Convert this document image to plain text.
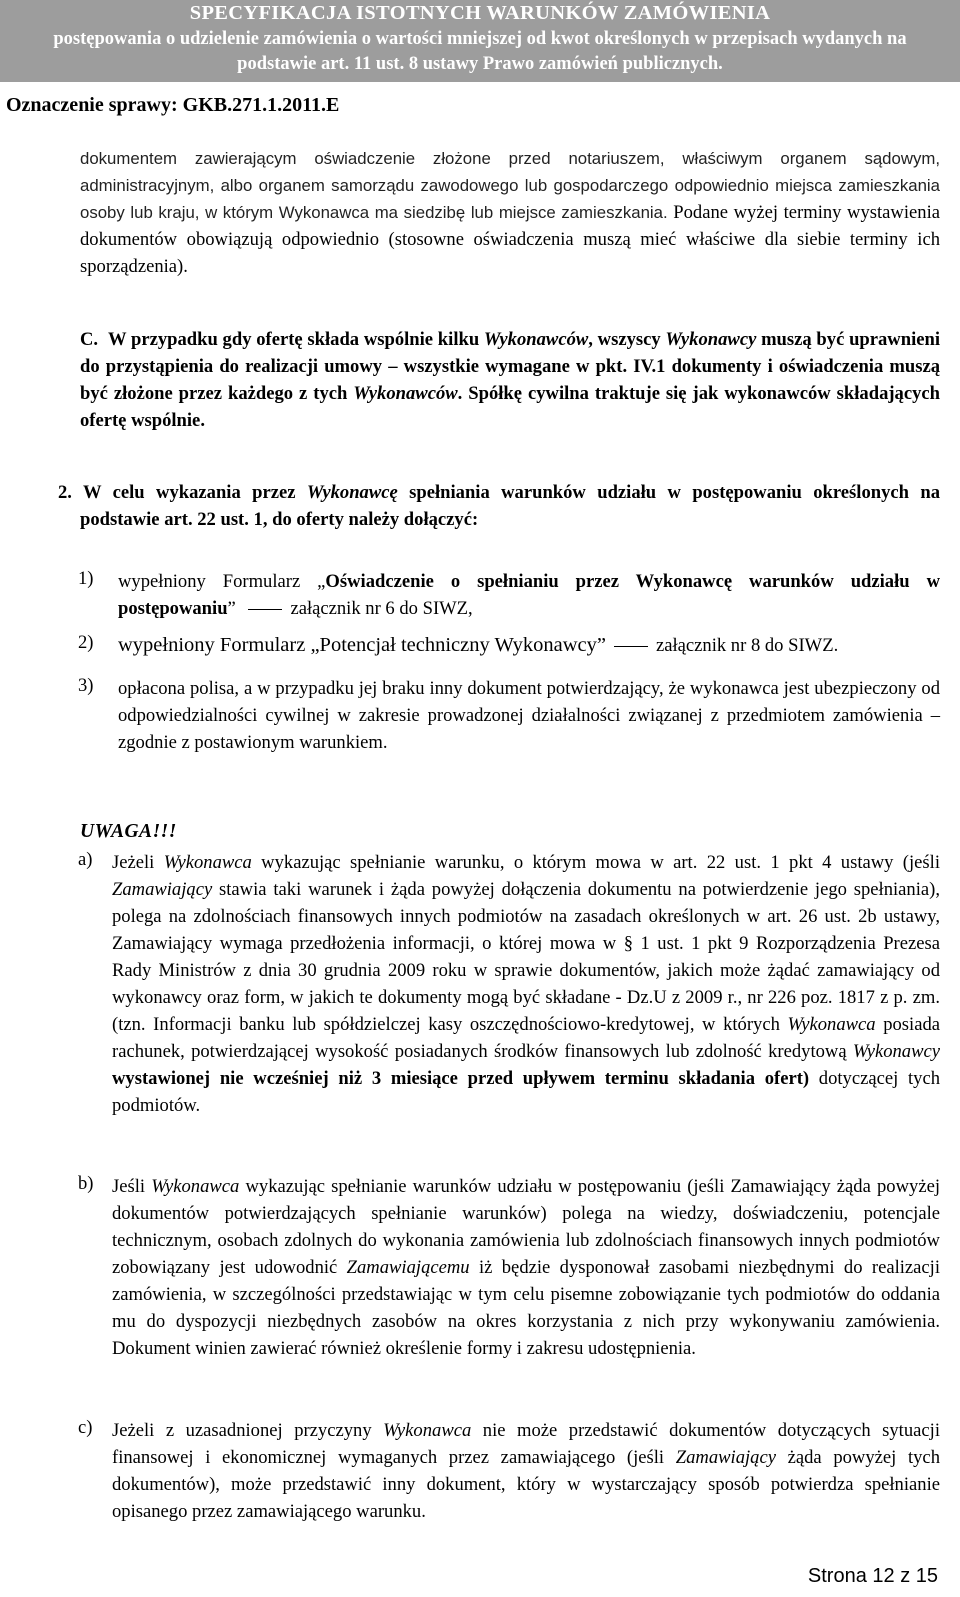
SPECYFIKACJA ISTOTNYCH WARUNKÓW ZAMÓWIENIA
postępowania o udzielenie zamówienia o wartości mniejszej od kwot określonych w przepisach wydanych na
podstawie art. 11 ust. 8 ustawy Prawo zamówień publicznych.
Oznaczenie sprawy: GKB.271.1.2011.E
dokumentem zawierającym oświadczenie złożone przed notariuszem, właściwym organem sądowym, administracyjnym, albo organem samorządu zawodowego lub gospodarczego odpowiednio miejsca zamieszkania osoby lub kraju, w którym Wykonawca ma siedzibę lub miejsce zamieszkania. Podane wyżej terminy wystawienia dokumentów obowiązują odpowiednio (stosowne oświadczenia muszą mieć właściwe dla siebie terminy ich sporządzenia).
C. W przypadku gdy ofertę składa wspólnie kilku Wykonawców, wszyscy Wykonawcy muszą być uprawnieni do przystąpienia do realizacji umowy – wszystkie wymagane w pkt. IV.1 dokumenty i oświadczenia muszą być złożone przez każdego z tych Wykonawców. Spółkę cywilna traktuje się jak wykonawców składających ofertę wspólnie.
2. W celu wykazania przez Wykonawcę spełniania warunków udziału w postępowaniu określonych na podstawie art. 22 ust. 1, do oferty należy dołączyć:
1) wypełniony Formularz „Oświadczenie o spełnianiu przez Wykonawcę warunków udziału w postępowaniu”	załącznik nr 6 do SIWZ,
2) wypełniony Formularz „Potencjał techniczny Wykonawcy”	załącznik nr 8 do SIWZ.
3) opłacona polisa, a w przypadku jej braku inny dokument potwierdzający, że wykonawca jest ubezpieczony od odpowiedzialności cywilnej w zakresie prowadzonej działalności związanej z przedmiotem zamówienia – zgodnie z postawionym warunkiem.
UWAGA!!!
a) Jeżeli Wykonawca wykazując spełnianie warunku, o którym mowa w art. 22 ust. 1 pkt 4 ustawy (jeśli Zamawiający stawia taki warunek i żąda powyżej dołączenia dokumentu na potwierdzenie jego spełniania), polega na zdolnościach finansowych innych podmiotów na zasadach określonych w art. 26 ust. 2b ustawy, Zamawiający wymaga przedłożenia informacji, o której mowa w § 1 ust. 1 pkt 9 Rozporządzenia Prezesa Rady Ministrów z dnia 30 grudnia 2009 roku w sprawie dokumentów, jakich może żądać zamawiający od wykonawcy oraz form, w jakich te dokumenty mogą być składane - Dz.U z 2009 r., nr 226 poz. 1817 z p. zm. (tzn. Informacji banku lub spółdzielczej kasy oszczędnościowo-kredytowej, w których Wykonawca posiada rachunek, potwierdzającej wysokość posiadanych środków finansowych lub zdolność kredytową Wykonawcy wystawionej nie wcześniej niż 3 miesiące przed upływem terminu składania ofert) dotyczącej tych podmiotów.
b) Jeśli Wykonawca wykazując spełnianie warunków udziału w postępowaniu (jeśli Zamawiający żąda powyżej dokumentów potwierdzających spełnianie warunków) polega na wiedzy, doświadczeniu, potencjale technicznym, osobach zdolnych do wykonania zamówienia lub zdolnościach finansowych innych podmiotów zobowiązany jest udowodnić Zamawiającemu iż będzie dysponował zasobami niezbędnymi do realizacji zamówienia, w szczególności przedstawiając w tym celu pisemne zobowiązanie tych podmiotów do oddania mu do dyspozycji niezbędnych zasobów na okres korzystania z nich przy wykonywaniu zamówienia. Dokument winien zawierać również określenie formy i zakresu udostępnienia.
c) Jeżeli z uzasadnionej przyczyny Wykonawca nie może przedstawić dokumentów dotyczących sytuacji finansowej i ekonomicznej wymaganych przez zamawiającego (jeśli Zamawiający żąda powyżej tych dokumentów), może przedstawić inny dokument, który w wystarczający sposób potwierdza spełnianie opisanego przez zamawiającego warunku.
Strona 12 z 15
